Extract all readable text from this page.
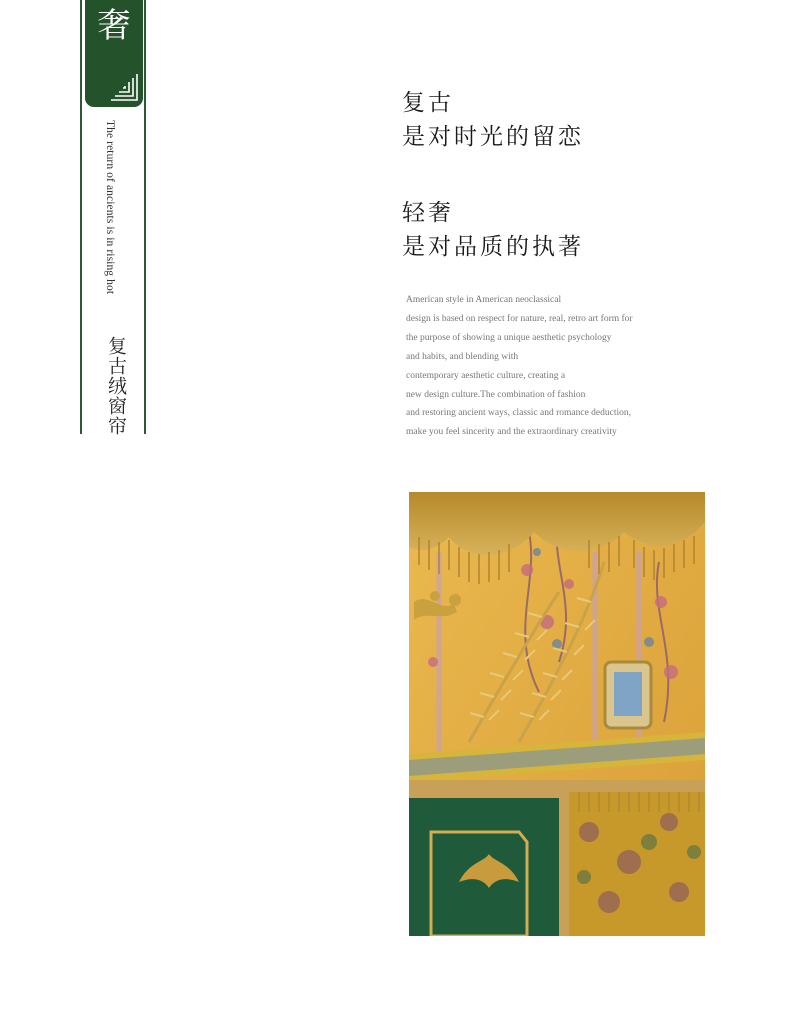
奢
The return of ancients is in rising hot
复古绒窗帘
复古
是对时光的留恋
轻奢
是对品质的执著
American style in American neoclassical
design is based on respect for nature, real, retro art form for
the purpose of showing a unique aesthetic psychology
and habits, and blending with
contemporary aesthetic culture, creating a
new design culture.The combination of fashion
and restoring ancient ways, classic and romance deduction,
make you feel sincerity and the extraordinary creativity
